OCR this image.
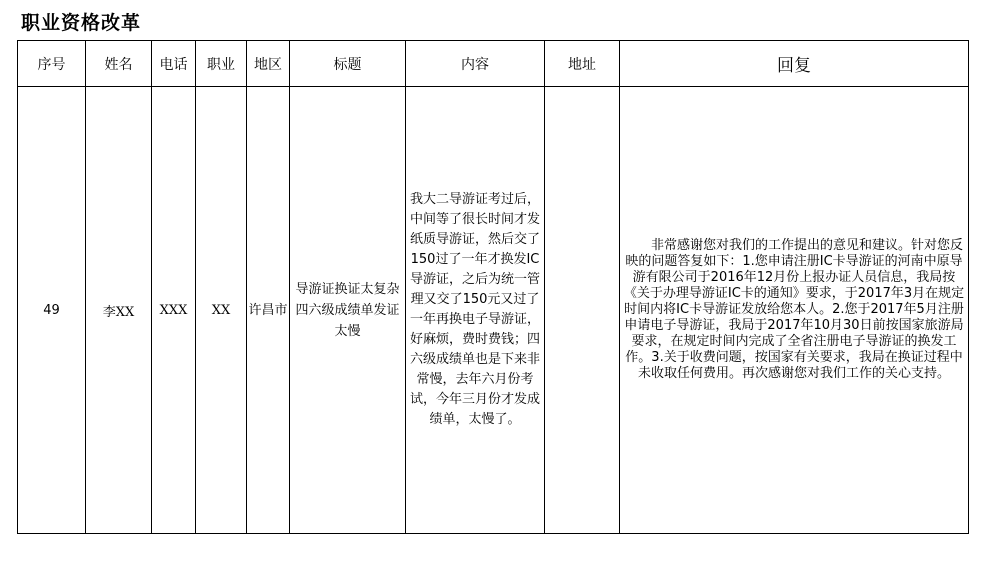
职业资格改革
序号	姓名	电话	职业	地区	标题	内容	地址	回复
49	李XX	XXX	XX	许昌市	导游证换证太复杂 四六级成绩单发证太慢	我大二导游证考过后，中间等了很长时间才发纸质导游证，然后交了150过了一年才换发IC导游证，之后为统一管理又交了150元又过了一年再换电子导游证，好麻烦，费时费钱；四六级成绩单也是下来非常慢，去年六月份考试，今年三月份才发成绩单，太慢了。		非常感谢您对我们的工作提出的意见和建议。针对您反映的问题答复如下：1.您申请注册IC卡导游证的河南中原导游有限公司于2016年12月份上报办证人员信息，我局按《关于办理导游证IC卡的通知》要求，于2017年3月在规定时间内将IC卡导游证发放给您本人。2.您于2017年5月注册申请电子导游证，我局于2017年10月30日前按国家旅游局要求，在规定时间内完成了全省注册电子导游证的换发工作。3.关于收费问题，按国家有关要求，我局在换证过程中未收取任何费用。再次感谢您对我们工作的关心支持。
